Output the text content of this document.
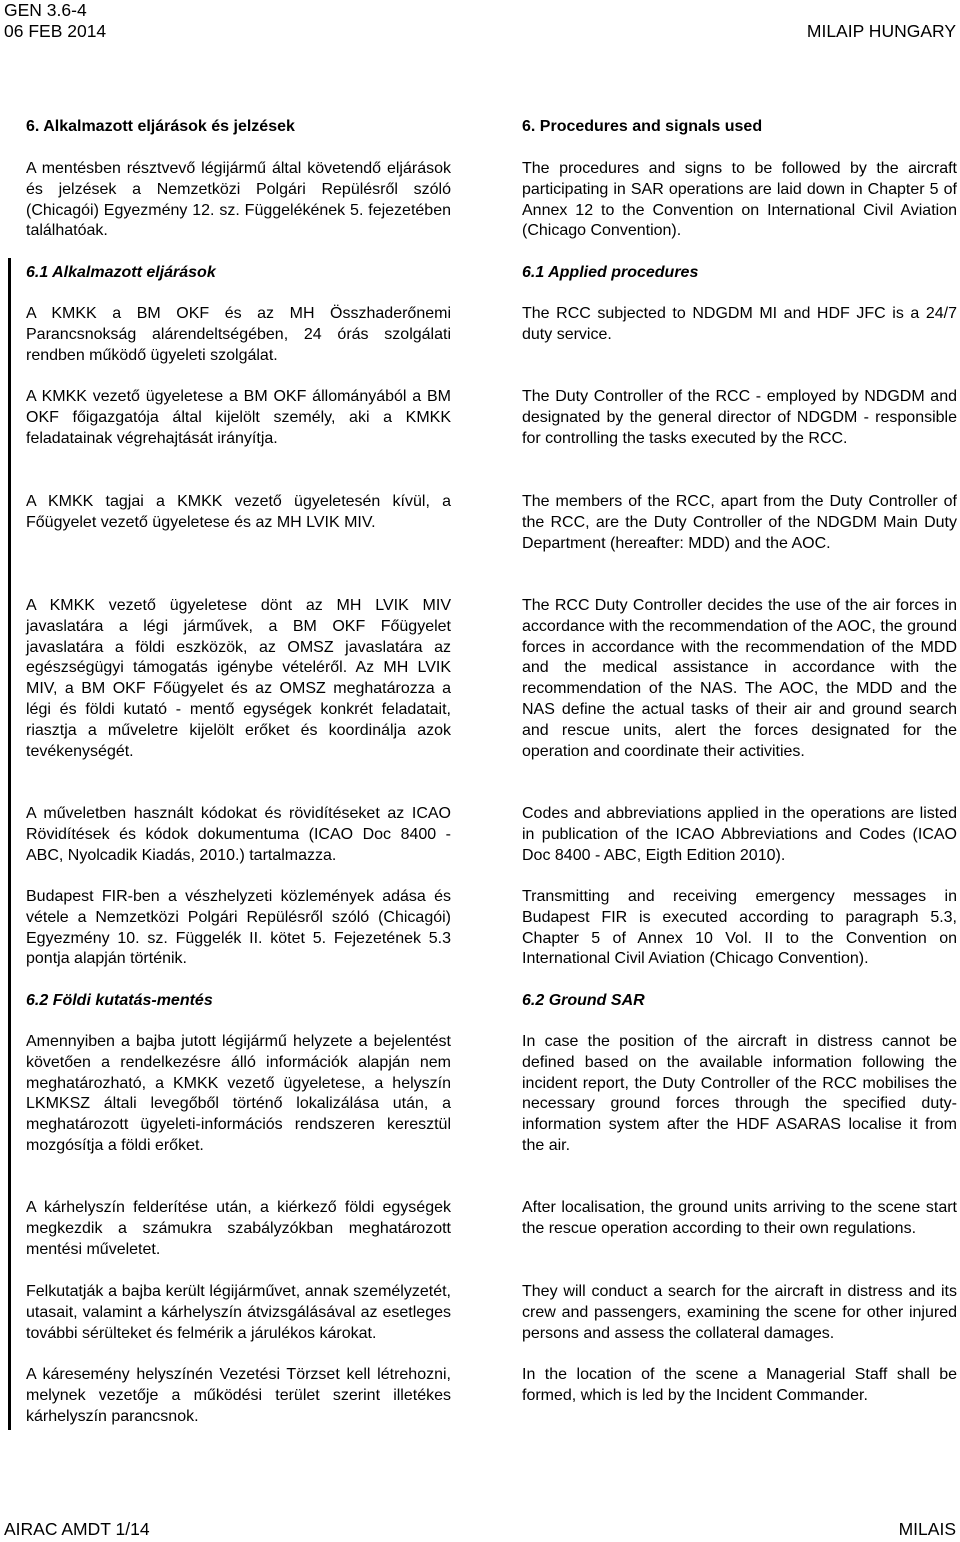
GEN 3.6-4
06 FEB 2014	MILAIP HUNGARY
6. Alkalmazott eljárások és jelzések

A mentésben résztvevő légijármű által követendő eljárások és jelzések a Nemzetközi Polgári Repülésről szóló (Chicagói) Egyezmény 12. sz. Függelékének 5. fejezetében találhatóak.

6.1 Alkalmazott eljárások

A KMKK a BM OKF és az MH Összhaderőnemi Parancsnokság alárendeltségében, 24 órás szolgálati rendben működő ügyeleti szolgálat.

A KMKK vezető ügyeletese a BM OKF állományából a BM OKF főigazgatója által kijelölt személy, aki a KMKK feladatainak végrehajtását irányítja.

A KMKK tagjai a KMKK vezető ügyeletesén kívül, a Főügyelet vezető ügyeletese és az MH LVIK MIV.

A KMKK vezető ügyeletese dönt az MH LVIK MIV javaslatára a légi járművek, a BM OKF Főügyelet javaslatára a földi eszközök, az OMSZ javaslatára az egészségügyi támogatás igénybe vételéről. Az MH LVIK MIV, a BM OKF Főügyelet és az OMSZ meghatározza a légi és földi kutató - mentő egységek konkrét feladatait, riasztja a műveletre kijelölt erőket és koordinálja azok tevékenységét.

A műveletben használt kódokat és rövidítéseket az ICAO Rövidítések és kódok dokumentuma (ICAO Doc 8400 - ABC, Nyolcadik Kiadás, 2010.) tartalmazza.

Budapest FIR-ben a vészhelyzeti közlemények adása és vétele a Nemzetközi Polgári Repülésről szóló (Chicagói) Egyezmény 10. sz. Függelék II. kötet 5. Fejezetének 5.3 pontja alapján történik.

6.2 Földi kutatás-mentés

Amennyiben a bajba jutott légijármű helyzete a bejelentést követően a rendelkezésre álló információk alapján nem meghatározható, a KMKK vezető ügyeletese, a helyszín LKMKSZ általi levegőből történő lokalizálása után, a meghatározott ügyeleti-információs rendszeren keresztül mozgósítja a földi erőket.

A kárhelyszín felderítése után, a kiérkező földi egységek megkezdik a számukra szabályzókban meghatározott mentési műveletet.

Felkutatják a bajba került légijárművet, annak személyzetét, utasait, valamint a kárhelyszín átvizsgálásával az esetleges további sérülteket és felmérik a járulékos károkat.

A káresemény helyszínén Vezetési Törzset kell létrehozni, melynek vezetője a működési terület szerint illetékes kárhelyszín parancsnok.

6. Procedures and signals used

The procedures and signs to be followed by the aircraft participating in SAR operations are laid down in Chapter 5 of Annex 12 to the Convention on International Civil Aviation (Chicago Convention).

6.1 Applied procedures

The RCC subjected to NDGDM MI and HDF JFC is a 24/7 duty service.

The Duty Controller of the RCC - employed by NDGDM and designated by the general director of NDGDM - responsible for controlling the tasks executed by the RCC.

The members of the RCC, apart from the Duty Controller of the RCC, are the Duty Controller of the NDGDM Main Duty Department (hereafter: MDD) and the AOC.

The RCC Duty Controller decides the use of the air forces in accordance with the recommendation of the AOC, the ground forces in accordance with the recommendation of the MDD and the medical assistance in accordance with the recommendation of the NAS. The AOC, the MDD and the NAS define the actual tasks of their air and ground search and rescue units, alert the forces designated for the operation and coordinate their activities.

Codes and abbreviations applied in the operations are listed in publication of the ICAO Abbreviations and Codes (ICAO Doc 8400 - ABC, Eigth Edition 2010).

Transmitting and receiving emergency messages in Budapest FIR is executed according to paragraph 5.3, Chapter 5 of Annex 10 Vol. II to the Convention on International Civil Aviation (Chicago Convention).

6.2 Ground SAR

In case the position of the aircraft in distress cannot be defined based on the available information following the incident report, the Duty Controller of the RCC mobilises the necessary ground forces through the specified duty-information system after the HDF ASARAS localise it from the air.

After localisation, the ground units arriving to the scene start the rescue operation according to their own regulations.

They will conduct a search for the aircraft in distress and its crew and passengers, examining the scene for other injured persons and assess the collateral damages.

In the location of the scene a Managerial Staff shall be formed, which is led by the Incident Commander.

AIRAC AMDT 1/14	MILAIS
